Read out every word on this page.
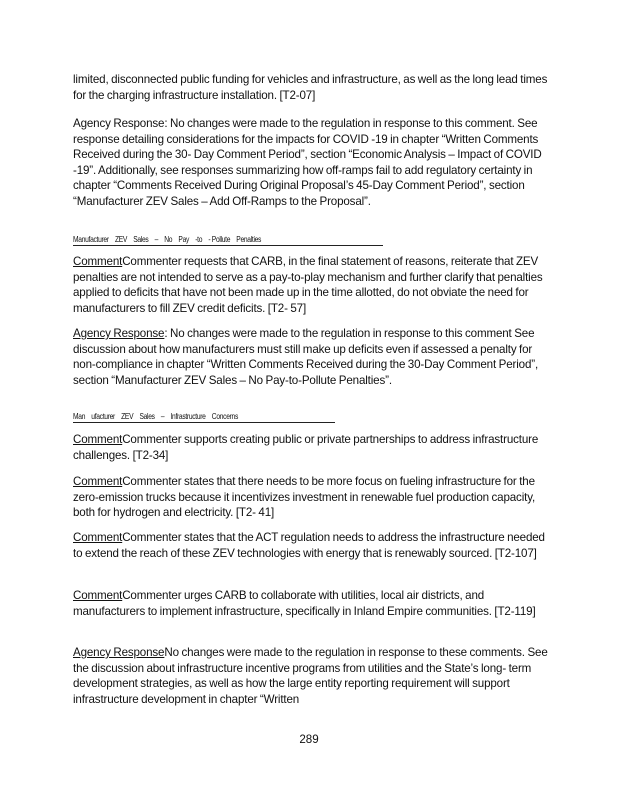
limited, disconnected public funding for vehicles and infrastructure, as well as the long lead times for the charging infrastructure installation. [T2-07]

Agency Response: No changes were made to the regulation in response to this comment. See response detailing considerations for the impacts for COVID -19 in chapter “Written Comments Received during the 30- Day Comment Period”, section “Economic Analysis – Impact of COVID -19”. Additionally, see responses summarizing how off-ramps fail to add regulatory certainty in chapter “Comments Received During Original Proposal’s 45-Day Comment Period”, section “Manufacturer ZEV Sales – Add Off-Ramps to the Proposal”.

Manufacturer    ZEV    Sales    –    No    Pay    -to    - Pollute    Penalties

CommentCommenter requests that CARB, in the final statement of reasons, reiterate that ZEV penalties are not intended to serve as a pay-to-play mechanism and further clarify that penalties applied to deficits that have not been made up in the time allotted, do not obviate the need for manufacturers to fill ZEV credit deficits. [T2- 57]

Agency Response: No changes were made to the regulation in response to this comment See discussion about how manufacturers must still make up deficits even if assessed a penalty for non-compliance in chapter “Written Comments Received during the 30-Day Comment Period”, section “Manufacturer ZEV Sales – No Pay-to-Pollute Penalties”.

Man    ufacturer    ZEV    Sales    –    Infrastructure    Concerns

CommentCommenter supports creating public or private partnerships to address infrastructure challenges. [T2-34]

CommentCommenter states that there needs to be more focus on fueling infrastructure for the zero-emission trucks because it incentivizes investment in renewable fuel production capacity, both for hydrogen and electricity. [T2- 41]

CommentCommenter states that the ACT regulation needs to address the infrastructure needed to extend the reach of these ZEV technologies with energy that is renewably sourced. [T2-107]

CommentCommenter urges CARB to collaborate with utilities, local air districts, and manufacturers to implement infrastructure, specifically in Inland Empire communities. [T2-119]

Agency ResponseNo changes were made to the regulation in response to these comments. See the discussion about infrastructure incentive programs from utilities and the State’s long- term development strategies, as well as how the large entity reporting requirement will support infrastructure development in chapter “Written

289
